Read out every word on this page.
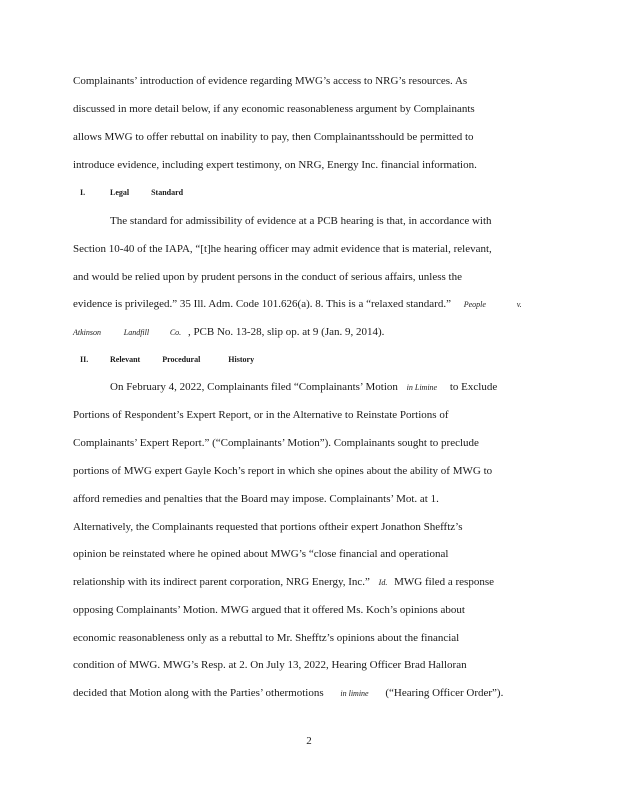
Complainants’ introduction of evidence regarding MWG’s access to NRG’s resources. As
discussed in more detail below, if any economic reasonableness argument by Complainants
allows MWG to offer rebuttal on inability to pay, then Complainantsshould be permitted to
introduce evidence, including expert testimony, on NRG, Energy Inc. financial information.
I.	Legal	Standard
The standard for admissibility of evidence at a PCB hearing is that, in accordance with
Section 10-40 of the IAPA, “[t]he hearing officer may admit evidence that is material, relevant,
and would be relied upon by prudent persons in the conduct of serious affairs, unless the
evidence is privileged.” 35 Ill. Adm. Code 101.626(a). 8. This is a “relaxed standard.” People	v.
Atkinson	Landfill	Co. , PCB No. 13-28, slip op. at 9 (Jan. 9, 2014).
II.	Relevant	Procedural	History
On February 4, 2022, Complainants filed “Complainants’ Motion in Limine to Exclude
Portions of Respondent’s Expert Report, or in the Alternative to Reinstate Portions of
Complainants’ Expert Report.” (“Complainants’ Motion”). Complainants sought to preclude
portions of MWG expert Gayle Koch’s report in which she opines about the ability of MWG to
afford remedies and penalties that the Board may impose. Complainants’ Mot. at 1.
Alternatively, the Complainants requested that portions oftheir expert Jonathon Shefftz’s
opinion be reinstated where he opined about MWG’s “close financial and operational
relationship with its indirect parent corporation, NRG Energy, Inc.” Id. MWG filed a response
opposing Complainants’ Motion. MWG argued that it offered Ms. Koch’s opinions about
economic reasonableness only as a rebuttal to Mr. Shefftz’s opinions about the financial
condition of MWG. MWG’s Resp. at 2. On July 13, 2022, Hearing Officer Brad Halloran
decided that Motion along with the Parties’ othermotions in limine (“Hearing Officer Order”).
2
